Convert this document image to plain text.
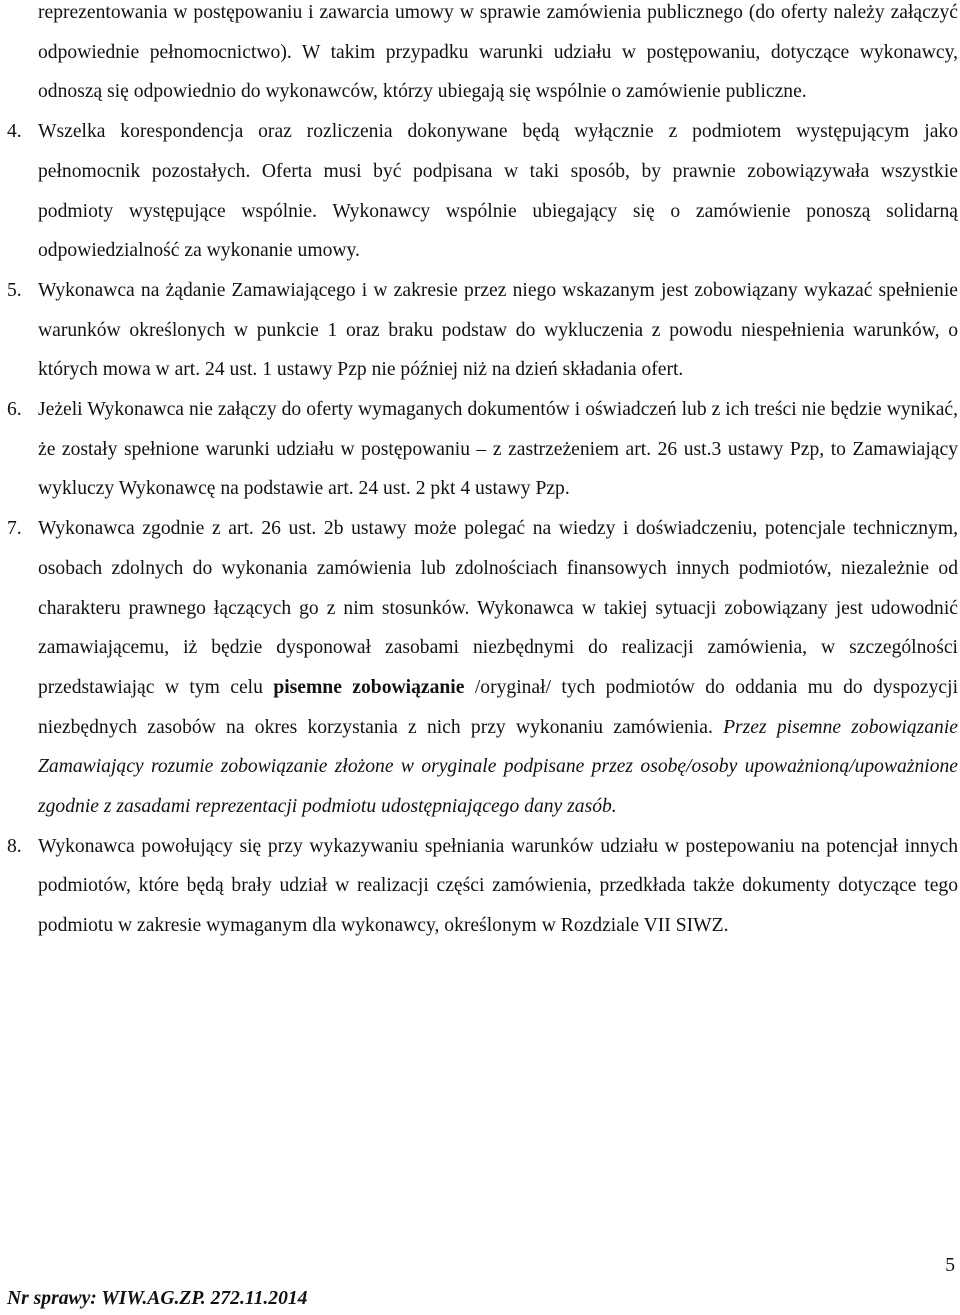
reprezentowania w postępowaniu i zawarcia umowy w sprawie zamówienia publicznego (do oferty należy załączyć odpowiednie pełnomocnictwo). W takim przypadku warunki udziału w postępowaniu, dotyczące wykonawcy, odnoszą się odpowiednio do wykonawców, którzy ubiegają się wspólnie o zamówienie publiczne.

4. Wszelka korespondencja oraz rozliczenia dokonywane będą wyłącznie z podmiotem występującym jako pełnomocnik pozostałych. Oferta musi być podpisana w taki sposób, by prawnie zobowiązywała wszystkie podmioty występujące wspólnie. Wykonawcy wspólnie ubiegający się o zamówienie ponoszą solidarną odpowiedzialność za wykonanie umowy.

5. Wykonawca na żądanie Zamawiającego i w zakresie przez niego wskazanym jest zobowiązany wykazać spełnienie warunków określonych w punkcie 1 oraz braku podstaw do wykluczenia z powodu niespełnienia warunków, o których mowa w art. 24 ust. 1 ustawy Pzp nie później niż na dzień składania ofert.

6. Jeżeli Wykonawca nie załączy do oferty wymaganych dokumentów i oświadczeń lub z ich treści nie będzie wynikać, że zostały spełnione warunki udziału w postępowaniu – z zastrzeżeniem art. 26 ust.3 ustawy Pzp, to Zamawiający wykluczy Wykonawcę na podstawie art. 24 ust. 2 pkt 4 ustawy Pzp.

7. Wykonawca zgodnie z art. 26 ust. 2b ustawy może polegać na wiedzy i doświadczeniu, potencjale technicznym, osobach zdolnych do wykonania zamówienia lub zdolnościach finansowych innych podmiotów, niezależnie od charakteru prawnego łączących go z nim stosunków. Wykonawca w takiej sytuacji zobowiązany jest udowodnić zamawiającemu, iż będzie dysponował zasobami niezbędnymi do realizacji zamówienia, w szczególności przedstawiając w tym celu pisemne zobowiązanie /oryginał/ tych podmiotów do oddania mu do dyspozycji niezbędnych zasobów na okres korzystania z nich przy wykonaniu zamówienia. Przez pisemne zobowiązanie Zamawiający rozumie zobowiązanie złożone w oryginale podpisane przez osobę/osoby upoważnioną/upoważnione zgodnie z zasadami reprezentacji podmiotu udostępniającego dany zasób.

8. Wykonawca powołujący się przy wykazywaniu spełniania warunków udziału w postepowaniu na potencjał innych podmiotów, które będą brały udział w realizacji części zamówienia, przedkłada także dokumenty dotyczące tego podmiotu w zakresie wymaganym dla wykonawcy, określonym w Rozdziale VII SIWZ.

5
Nr sprawy: WIW.AG.ZP. 272.11.2014
